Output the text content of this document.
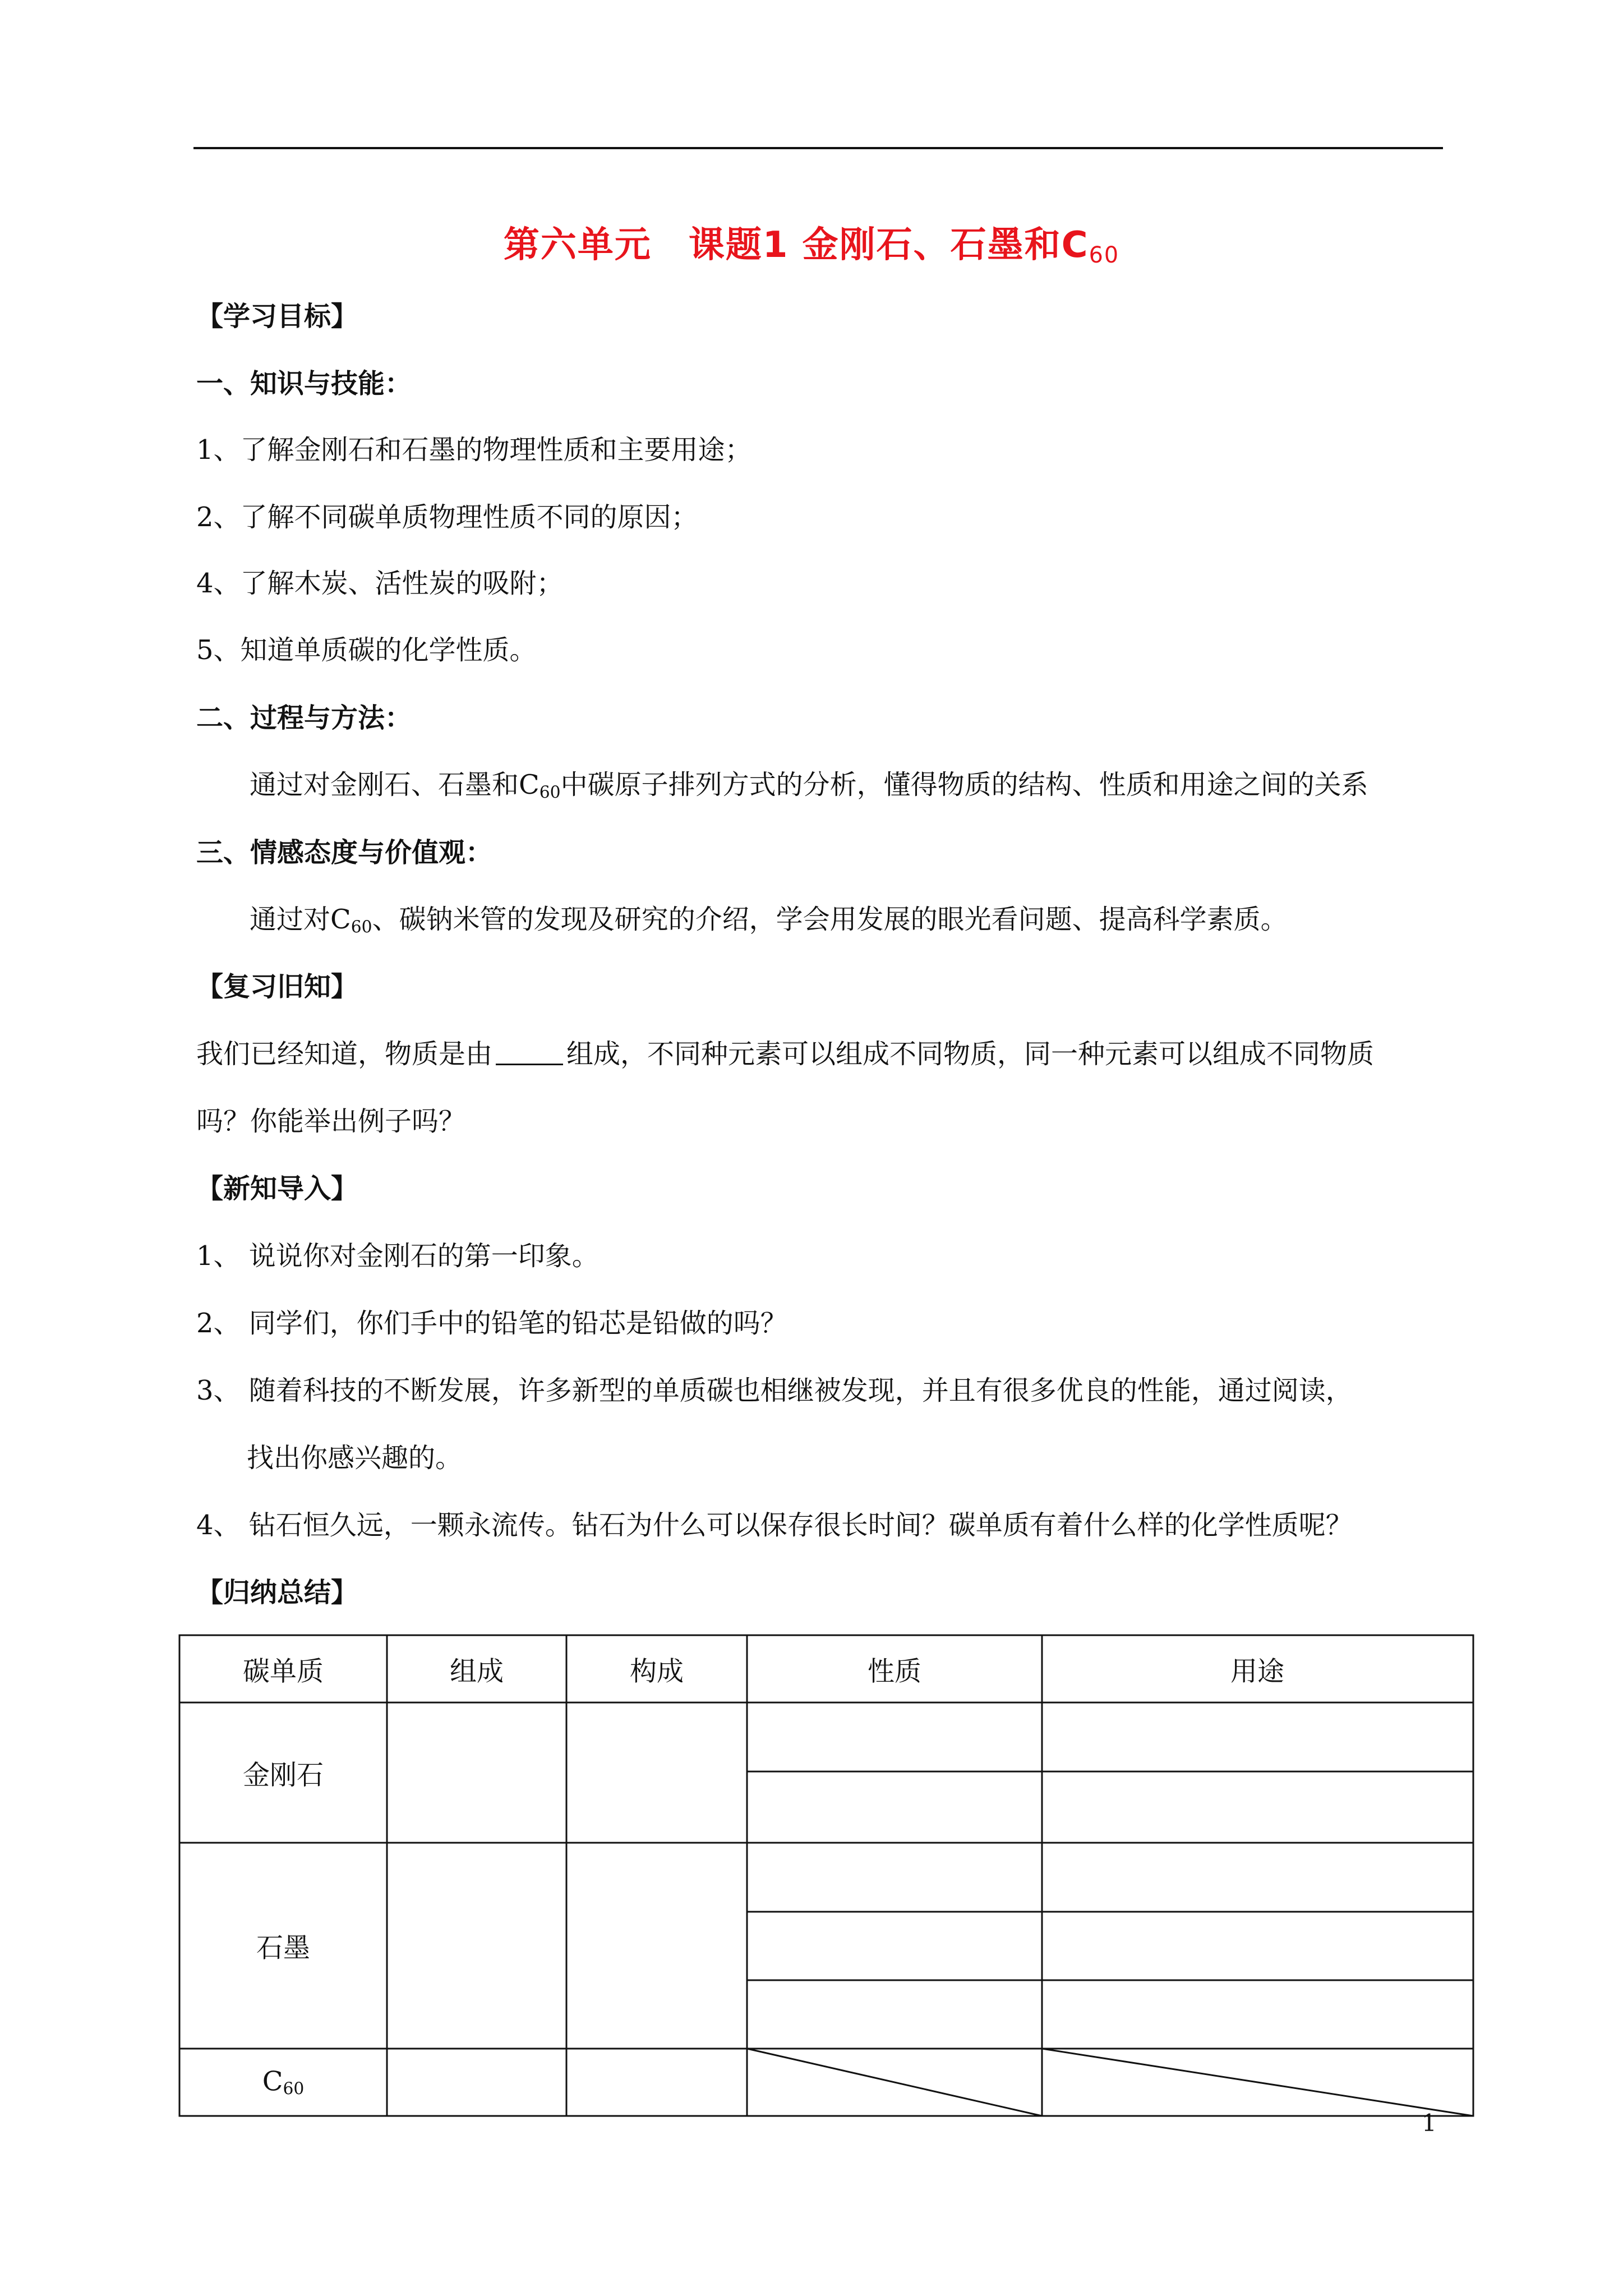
第六单元　课题1 金刚石、石墨和$C_{60}$
【学习目标】
一、知识与技能：
1、了解金刚石和石墨的物理性质和主要用途；
2、了解不同碳单质物理性质不同的原因；
4、了解木炭、活性炭的吸附；
5、知道单质碳的化学性质。
二、过程与方法：
通过对金刚石、石墨和$C_{60}$中碳原子排列方式的分析，懂得物质的结构、性质和用途之间的关系
三、情感态度与价值观：
通过对$C_{60}$、碳钠米管的发现及研究的介绍，学会用发展的眼光看问题、提高科学素质。
【复习旧知】
我们已经知道，物质是由	组成，不同种元素可以组成不同物质，同一种元素可以组成不同物质
吗？你能举出例子吗？
【新知导入】
1、 说说你对金刚石的第一印象。
2、 同学们，你们手中的铅笔的铅芯是铅做的吗？
3、 随着科技的不断发展，许多新型的单质碳也相继被发现，并且有很多优良的性能，通过阅读，
找出你感兴趣的。
4、 钻石恒久远，一颗永流传。钻石为什么可以保存很长时间？碳单质有着什么样的化学性质呢？
【归纳总结】
碳单质	组成	构成	性质	用途
金刚石
石墨
$C_{60}$
1
